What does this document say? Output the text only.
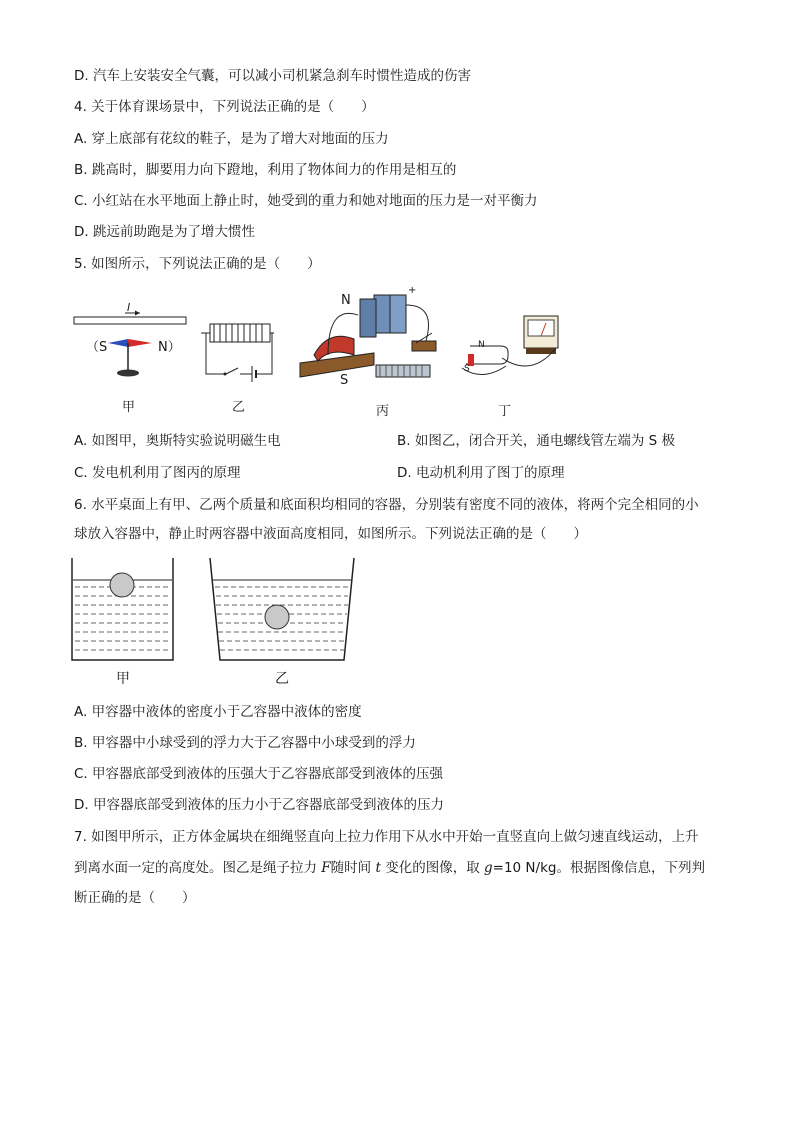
D. 汽车上安装安全气囊，可以减小司机紧急刹车时惯性造成的伤害
4. 关于体育课场景中，下列说法正确的是（　　）
A. 穿上底部有花纹的鞋子，是为了增大对地面的压力
B. 跳高时，脚要用力向下蹬地，利用了物体间力的作用是相互的
C. 小红站在水平地面上静止时，她受到的重力和她对地面的压力是一对平衡力
D. 跳远前助跑是为了增大惯性
5. 如图所示，下列说法正确的是（　　）
I
（S	N）
甲	乙
N
S
+
丙
N
S
丁
A. 如图甲，奥斯特实验说明磁生电	B. 如图乙，闭合开关，通电螺线管左端为 S 极
C. 发电机利用了图丙的原理	D. 电动机利用了图丁的原理
6. 水平桌面上有甲、乙两个质量和底面积均相同的容器，分别装有密度不同的液体，将两个完全相同的小
球放入容器中，静止时两容器中液面高度相同，如图所示。下列说法正确的是（　　）
甲	乙
A. 甲容器中液体的密度小于乙容器中液体的密度
B. 甲容器中小球受到的浮力大于乙容器中小球受到的浮力
C. 甲容器底部受到液体的压强大于乙容器底部受到液体的压强
D. 甲容器底部受到液体的压力小于乙容器底部受到液体的压力
7. 如图甲所示，正方体金属块在细绳竖直向上拉力作用下从水中开始一直竖直向上做匀速直线运动，上升
到离水面一定的高度处。图乙是绳子拉力 F随时间 t 变化的图像，取 g=10 N/kg。根据图像信息，下列判
断正确的是（　　）
